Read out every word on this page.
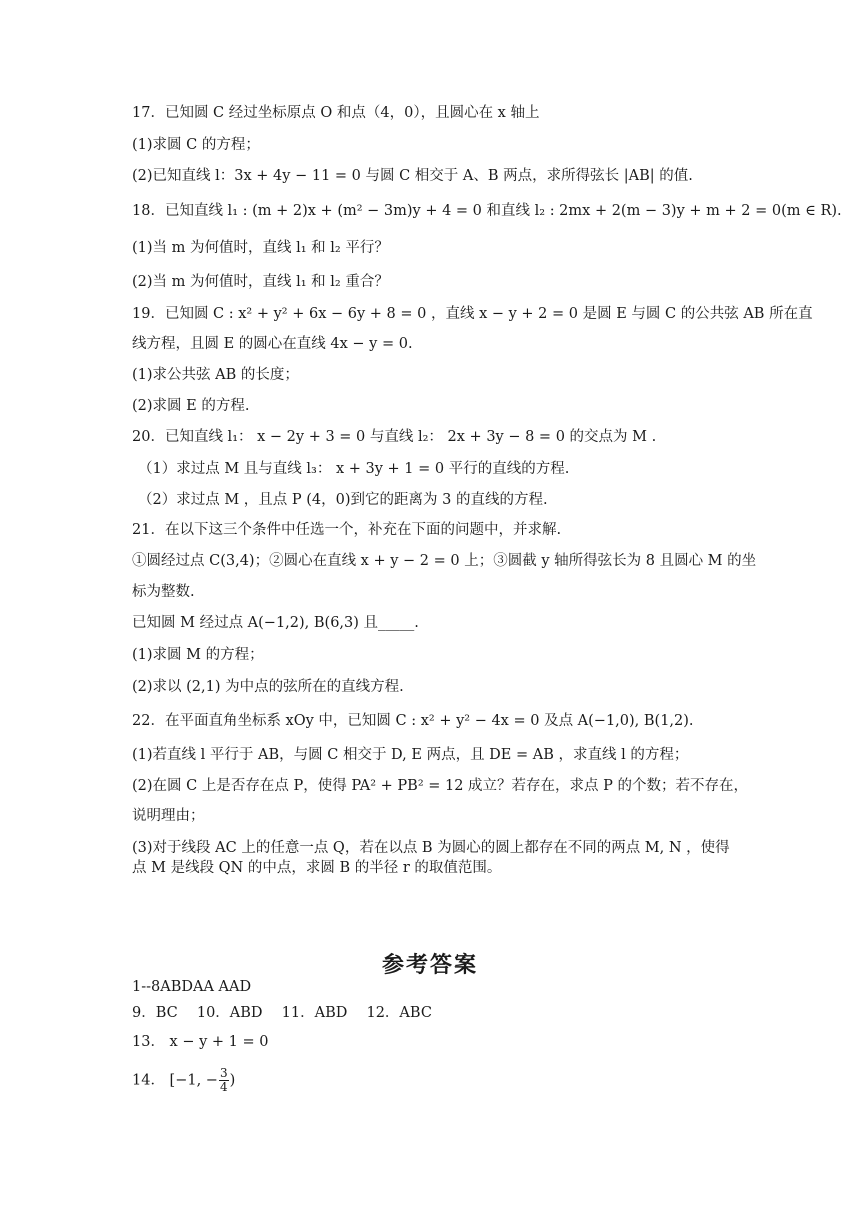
17．已知圆 C 经过坐标原点 O 和点（4，0），且圆心在 x 轴上
(1)求圆 C 的方程；
(2)已知直线 l：3x + 4y − 11 = 0 与圆 C 相交于 A、B 两点，求所得弦长 |AB| 的值.
18．已知直线 l₁ : (m + 2)x + (m² − 3m)y + 4 = 0 和直线 l₂ : 2mx + 2(m − 3)y + m + 2 = 0(m ∈ R).
(1)当 m 为何值时，直线 l₁ 和 l₂ 平行？
(2)当 m 为何值时，直线 l₁ 和 l₂ 重合？
19．已知圆 C : x² + y² + 6x − 6y + 8 = 0 ，直线 x − y + 2 = 0 是圆 E 与圆 C 的公共弦 AB 所在直
线方程，且圆 E 的圆心在直线 4x − y = 0.
(1)求公共弦 AB 的长度；
(2)求圆 E 的方程.
20．已知直线 l₁： x − 2y + 3 = 0 与直线 l₂： 2x + 3y − 8 = 0 的交点为 M .
（1）求过点 M 且与直线 l₃： x + 3y + 1 = 0 平行的直线的方程.
（2）求过点 M ，且点 P (4，0)到它的距离为 3 的直线的方程.
21．在以下这三个条件中任选一个，补充在下面的问题中，并求解.
①圆经过点 C(3,4)；②圆心在直线 x + y − 2 = 0 上；③圆截 y 轴所得弦长为 8 且圆心 M 的坐
标为整数.
已知圆 M 经过点 A(−1,2), B(6,3) 且_____.
(1)求圆 M 的方程；
(2)求以 (2,1) 为中点的弦所在的直线方程.
22．在平面直角坐标系 xOy 中，已知圆 C : x² + y² − 4x = 0 及点 A(−1,0), B(1,2).
(1)若直线 l 平行于 AB，与圆 C 相交于 D, E 两点，且 DE = AB ，求直线 l 的方程；
(2)在圆 C 上是否存在点 P，使得 PA² + PB² = 12 成立？若存在，求点 P 的个数；若不存在，
说明理由；
(3)对于线段 AC 上的任意一点 Q，若在以点 B 为圆心的圆上都存在不同的两点 M, N ，使得
点 M 是线段 QN 的中点，求圆 B 的半径 r 的取值范围。
参考答案
1--8ABDAA AAD
9．BC　 10．ABD　 11．ABD　 12．ABC
13． x − y + 1 = 0
14． [−1, − $\frac{3}{4}$ )
